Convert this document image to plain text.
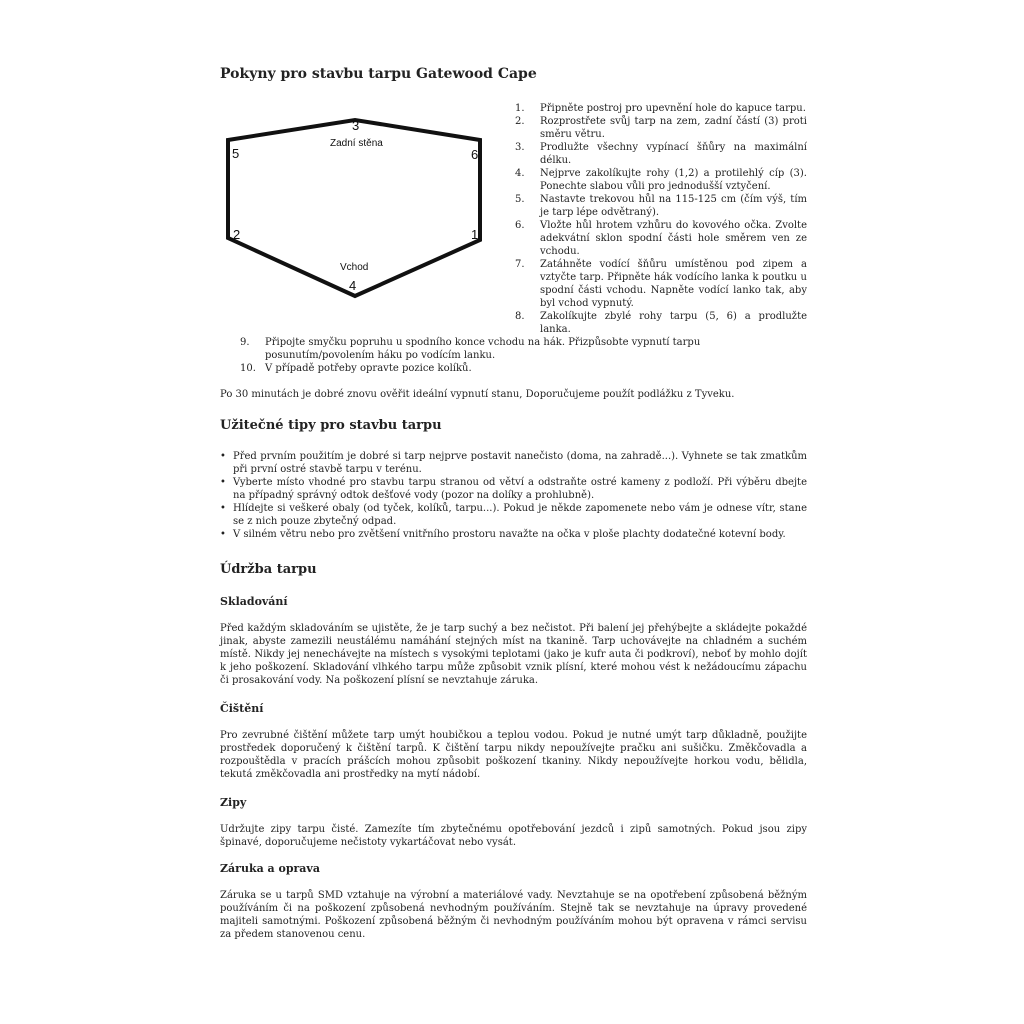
Pokyny pro stavbu tarpu Gatewood Cape
3
Zadní stěna
5	6
2	1
Vchod
4
1. Připněte postroj pro upevnění hole do kapuce tarpu.
2. Rozprostřete svůj tarp na zem, zadní částí (3) proti směru větru.
3. Prodlužte všechny vypínací šňůry na maximální délku.
4. Nejprve zakolíkujte rohy (1,2) a protilehlý cíp (3). Ponechte slabou vůli pro jednodušší vztyčení.
5. Nastavte trekovou hůl na 115-125 cm (čím výš, tím je tarp lépe odvětraný).
6. Vložte hůl hrotem vzhůru do kovového očka. Zvolte adekvátní sklon spodní části hole směrem ven ze vchodu.
7. Zatáhněte vodící šňůru umístěnou pod zipem a vztyčte tarp. Připněte hák vodícího lanka k poutku u spodní části vchodu. Napněte vodící lanko tak, aby byl vchod vypnutý.
8. Zakolíkujte zbylé rohy tarpu (5, 6) a prodlužte lanka.
9. Připojte smyčku popruhu u spodního konce vchodu na hák. Přizpůsobte vypnutí tarpu posunutím/povolením háku po vodícím lanku.
10. V případě potřeby opravte pozice kolíků.

Po 30 minutách je dobré znovu ověřit ideální vypnutí stanu, Doporučujeme použít podlážku z Tyveku.

Užitečné tipy pro stavbu tarpu
• Před prvním použitím je dobré si tarp nejprve postavit nanečisto (doma, na zahradě...). Vyhnete se tak zmatkům při první ostré stavbě tarpu v terénu.
• Vyberte místo vhodné pro stavbu tarpu stranou od větví a odstraňte ostré kameny z podloží. Při výběru dbejte na případný správný odtok dešťové vody (pozor na dolíky a prohlubně).
• Hlídejte si veškeré obaly (od tyček, kolíků, tarpu...). Pokud je někde zapomenete nebo vám je odnese vítr, stane se z nich pouze zbytečný odpad.
• V silném větru nebo pro zvětšení vnitřního prostoru navažte na očka v ploše plachty dodatečné kotevní body.
Údržba tarpu
Skladování

Před každým skladováním se ujistěte, že je tarp suchý a bez nečistot. Při balení jej přehýbejte a skládejte pokaždé jinak, abyste zamezili neustálému namáhání stejných míst na tkanině. Tarp uchovávejte na chladném a suchém místě. Nikdy jej nenechávejte na místech s vysokými teplotami (jako je kufr auta či podkroví), neboť by mohlo dojít k jeho poškození. Skladování vlhkého tarpu může způsobit vznik plísní, které mohou vést k nežádoucímu zápachu či prosakování vody. Na poškození plísní se nevztahuje záruka.

Čištění

Pro zevrubné čištění můžete tarp umýt houbičkou a teplou vodou. Pokud je nutné umýt tarp důkladně, použijte prostředek doporučený k čištění tarpů. K čištění tarpu nikdy nepoužívejte pračku ani sušičku. Změkčovadla a rozpouštědla v pracích prášcích mohou způsobit poškození tkaniny. Nikdy nepoužívejte horkou vodu, bělidla, tekutá změkčovadla ani prostředky na mytí nádobí.

Zipy

Udržujte zipy tarpu čisté. Zamezíte tím zbytečnému opotřebování jezdců i zipů samotných. Pokud jsou zipy špinavé, doporučujeme nečistoty vykartáčovat nebo vysát.

Záruka a oprava

Záruka se u tarpů SMD vztahuje na výrobní a materiálové vady. Nevztahuje se na opotřebení způsobená běžným používáním či na poškození způsobená nevhodným používáním. Stejně tak se nevztahuje na úpravy provedené majiteli samotnými. Poškození způsobená běžným či nevhodným používáním mohou být opravena v rámci servisu za předem stanovenou cenu.
